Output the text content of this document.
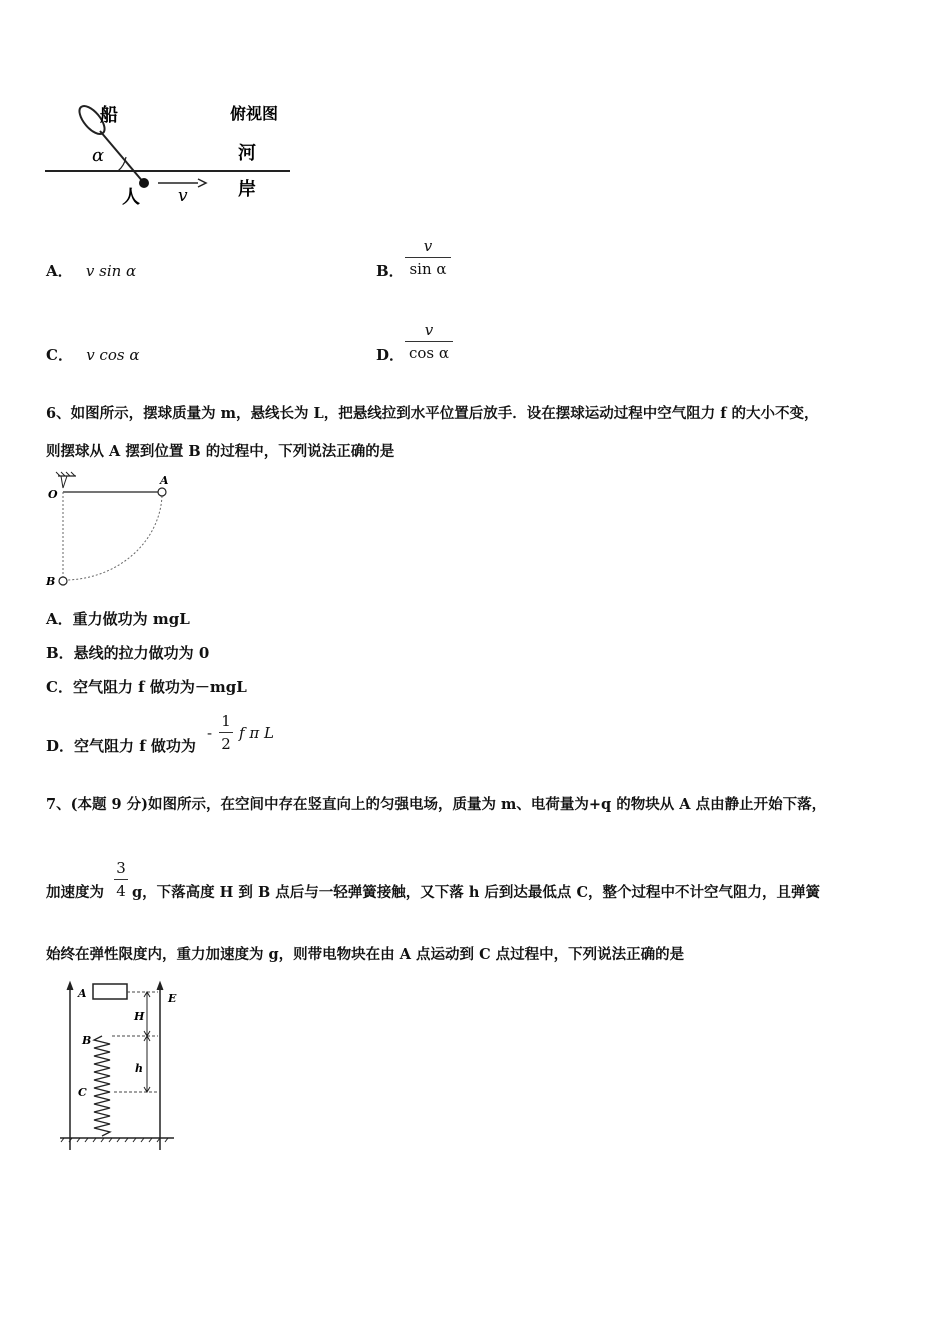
船	俯视图
河
岸
α
人 v
A． v sin α	B．
v
sin α
C． v cos α	D．
v
cos α
6、如图所示，摆球质量为 m，悬线长为 L，把悬线拉到水平位置后放手．设在摆球运动过程中空气阻力 f 的大小不变，
则摆球从 A 摆到位置 B 的过程中，下列说法正确的是
O
A
B
A．重力做功为 mgL
B．悬线的拉力做功为 0
C．空气阻力 f 做功为－mgL
D．空气阻力 f 做功为
-
1
2
f π L
7、(本题 9 分)如图所示，在空间中存在竖直向上的匀强电场，质量为 m、电荷量为+q 的物块从 A 点由静止开始下落，
加速度为
3
4 g，下落高度 H 到 B 点后与一轻弹簧接触，又下落 h 后到达最低点 C，整个过程中不计空气阻力，且弹簧
始终在弹性限度内，重力加速度为 g，则带电物块在由 A 点运动到 C 点过程中，下列说法正确的是
A
B
C
E
H
h
